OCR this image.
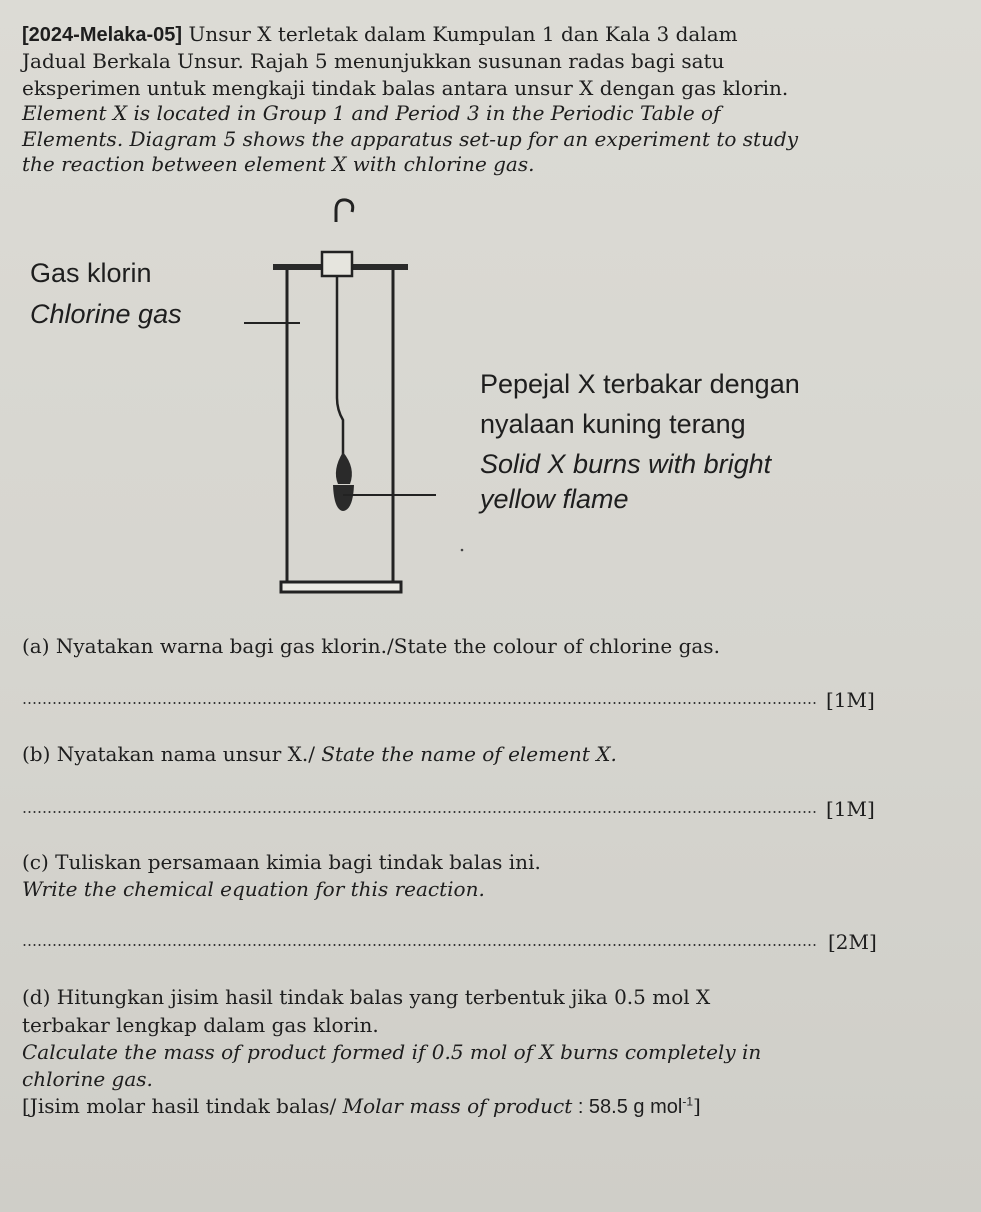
[2024-Melaka-05] Unsur X terletak dalam Kumpulan 1 dan Kala 3 dalam
Jadual Berkala Unsur. Rajah 5 menunjukkan susunan radas bagi satu
eksperimen untuk mengkaji tindak balas antara unsur X dengan gas klorin.
Element X is located in Group 1 and Period 3 in the Periodic Table of
Elements. Diagram 5 shows the apparatus set-up for an experiment to study
the reaction between element X with chlorine gas.
Gas klorin
Chlorine gas
Pepejal X terbakar dengan
nyalaan kuning terang
Solid X burns with bright
yellow flame
(a) Nyatakan warna bagi gas klorin./State the colour of chlorine gas.
[1M]
(b) Nyatakan nama unsur X./ State the name of element X.
[1M]
(c) Tuliskan persamaan kimia bagi tindak balas ini.
Write the chemical equation for this reaction.
[2M]
(d) Hitungkan jisim hasil tindak balas yang terbentuk jika 0.5 mol X
terbakar lengkap dalam gas klorin.
Calculate the mass of product formed if 0.5 mol of X burns completely in
chlorine gas.
[Jisim molar hasil tindak balas/ Molar mass of product : 58.5 g mol$^{-1}$]
